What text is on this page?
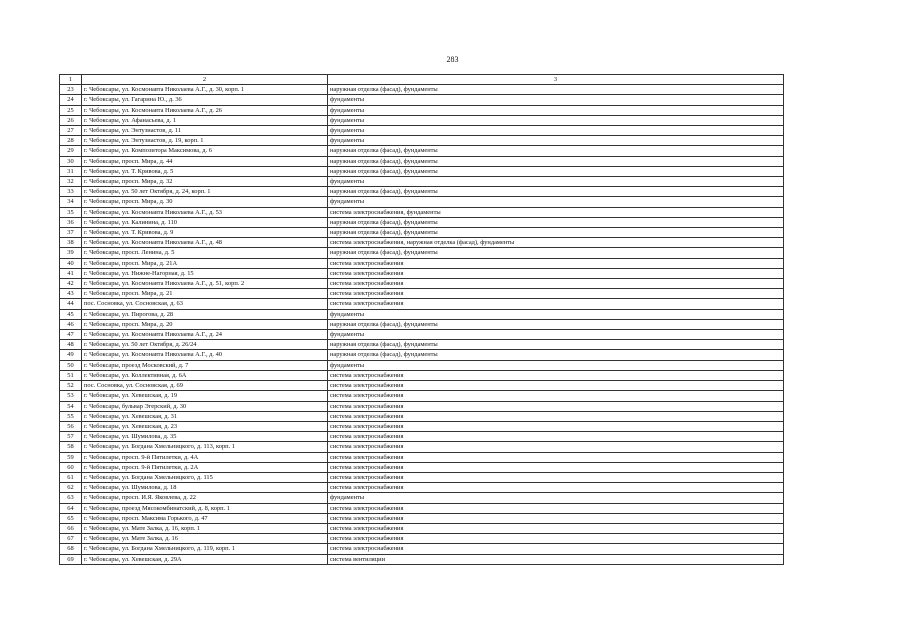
283
1	2	3
23	г. Чебоксары, ул. Космонавта Николаева А.Г., д. 30, корп. 1	наружная отделка (фасад), фундаменты
24	г. Чебоксары, ул. Гагарина Ю., д. 36	фундаменты
25	г. Чебоксары, ул. Космонавта Николаева А.Г., д. 26	фундаменты
26	г. Чебоксары, ул. Афанасьева, д. 1	фундаменты
27	г. Чебоксары, ул. Энтузиастов, д. 11	фундаменты
28	г. Чебоксары, ул. Энтузиастов, д. 19, корп. 1	фундаменты
29	г. Чебоксары, ул. Композитора Максимова, д. 6	наружная отделка (фасад), фундаменты
30	г. Чебоксары, просп. Мира, д. 44	наружная отделка (фасад), фундаменты
31	г. Чебоксары, ул. Т. Кривова, д. 5	наружная отделка (фасад), фундаменты
32	г. Чебоксары, просп. Мира, д. 32	фундаменты
33	г. Чебоксары, ул. 50 лет Октября, д. 24, корп. 1	наружная отделка (фасад), фундаменты
34	г. Чебоксары, просп. Мира, д. 30	фундаменты
35	г. Чебоксары, ул. Космонавта Николаева А.Г., д. 53	система электроснабжения, фундаменты
36	г. Чебоксары, ул. Калинина, д. 110	наружная отделка (фасад), фундаменты
37	г. Чебоксары, ул. Т. Кривова, д. 9	наружная отделка (фасад), фундаменты
38	г. Чебоксары, ул. Космонавта Николаева А.Г., д. 48	система электроснабжения, наружная отделка (фасад), фундаменты
39	г. Чебоксары, просп. Ленина, д. 5	наружная отделка (фасад), фундаменты
40	г. Чебоксары, просп. Мира, д. 21А	система электроснабжения
41	г. Чебоксары, ул. Нижне-Нагорная, д. 15	система электроснабжения
42	г. Чебоксары, ул. Космонавта Николаева А.Г., д. 51, корп. 2	система электроснабжения
43	г. Чебоксары, просп. Мира, д. 21	система электроснабжения
44	пос. Сосновка, ул. Сосновская, д. 63	система электроснабжения
45	г. Чебоксары, ул. Пирогова, д. 28	фундаменты
46	г. Чебоксары, просп. Мира, д. 20	наружная отделка (фасад), фундаменты
47	г. Чебоксары, ул. Космонавта Николаева А.Г., д. 24	фундаменты
48	г. Чебоксары, ул. 50 лет Октября, д. 26/24	наружная отделка (фасад), фундаменты
49	г. Чебоксары, ул. Космонавта Николаева А.Г., д. 40	наружная отделка (фасад), фундаменты
50	г. Чебоксары, проезд Московский, д. 7	фундаменты
51	г. Чебоксары, ул. Коллективная, д. 6А	система электроснабжения
52	пос. Сосновка, ул. Сосновская, д. 69	система электроснабжения
53	г. Чебоксары, ул. Хевешская, д. 19	система электроснабжения
54	г. Чебоксары, бульвар Эгерский, д. 30	система электроснабжения
55	г. Чебоксары, ул. Хевешская, д. 31	система электроснабжения
56	г. Чебоксары, ул. Хевешская, д. 23	система электроснабжения
57	г. Чебоксары, ул. Шумилова, д. 35	система электроснабжения
58	г. Чебоксары, ул. Богдана Хмельницкого, д. 113, корп. 1	система электроснабжения
59	г. Чебоксары, просп. 9-й Пятилетки, д. 4А	система электроснабжения
60	г. Чебоксары, просп. 9-й Пятилетки, д. 2А	система электроснабжения
61	г. Чебоксары, ул. Богдана Хмельницкого, д. 115	система электроснабжения
62	г. Чебоксары, ул. Шумилова, д. 18	система электроснабжения
63	г. Чебоксары, просп. И.Я. Яковлева, д. 22	фундаменты
64	г. Чебоксары, проезд Мясокомбинатский, д. 8, корп. 1	система электроснабжения
65	г. Чебоксары, просп. Максима Горького, д. 47	система электроснабжения
66	г. Чебоксары, ул. Мате Залка, д. 16, корп. 1	система электроснабжения
67	г. Чебоксары, ул. Мате Залка, д. 16	система электроснабжения
68	г. Чебоксары, ул. Богдана Хмельницкого, д. 119, корп. 1	система электроснабжения
69	г. Чебоксары, ул. Хевешская, д. 29А	система вентиляции
